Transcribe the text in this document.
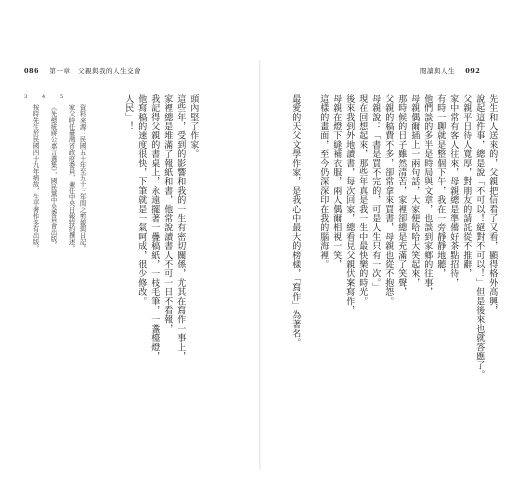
086 第一章 父親與我的人生交會
3
按時先生於民國四十九年病故，生平著作多有出版。
4
《先總統蔣公嘉言選集》，國民黨中央委員會出版。
5
家父時任臺灣省政府委員，兼任中央日報特約撰述。 資料來源：民國五十年至五十三年間之剪報與日記。	頭內堅了作家。
這些年，受到的影響和我的一生有密切關係，尤其在寫作一事上，
家裡總是堆滿了報紙和書，他常說讀書人不可一日不看報，
我記得父親的書桌上，永遠擺著一疊稿紙，一枝毛筆，一盞檯燈，
他寫稿的速度很快，下筆就是一氣呵成，很少修改。
人民」！
閱讀與人生 092
先生和人送來的，父親把信看了又看，顯得格外高興，
說起這件事，總是說「不可以！絕對不可以！」但是後來也就答應了。
父親平日待人寬厚，對朋友的請託從不推辭，
家中常有客人往來，母親總是準備好茶點招待，
有時一聊就是整個下午，我在一旁靜靜地聽，
他們談的多半是時局與文章，也談到家鄉的往事，
母親偶爾插上一兩句話，大家便哈哈大笑起來，
那時候的日子雖然清苦，家裡卻總是充滿了笑聲，
父親的稿費不多，卻常拿來買書，母親也從不抱怨。
母親說：「書是買不完的，可是人生只有一次。」
現在回想起來，那些年真是我一生中最快樂的時光。
後來我到外地讀書，每次回家，總看見父親伏案寫作，
母親在燈下縫補衣服，兩人偶爾相視一笑，
這樣的畫面，至今仍深深印在我的腦海裡。
最愛的天父文學作家，是我心中最大的榜樣，「寫作」為著名。
